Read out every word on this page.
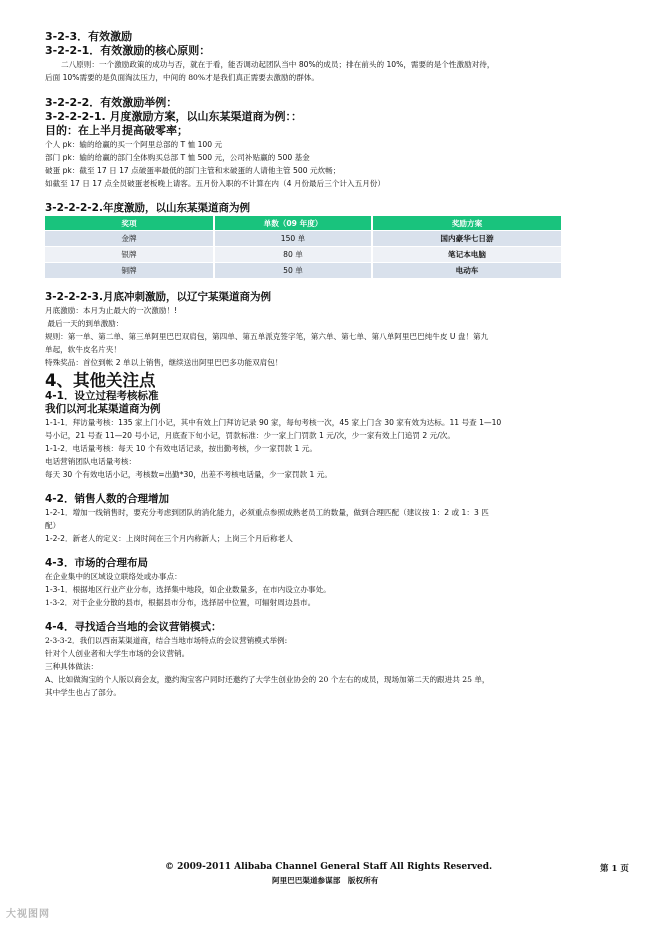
3-2-3．有效激励

3-2-2-1．有效激励的核心原则：

二八原则：一个激励政策的成功与否，就在于看，能否调动起团队当中 80%的成员；排在前头的 10%，需要的是个性激励对待，

后面 10%需要的是负面淘汰压力，中间的 80%才是我们真正需要去激励的群体。

3-2-2-2．有效激励举例：

3-2-2-2-1. 月度激励方案，以山东某渠道商为例：：

目的：在上半月提高破零率；

个人 pk：输的给赢的买一个阿里总部的 T 恤 100 元

部门 pk：输的给赢的部门全体购买总部 T 恤 500 元，公司补贴赢的 500 基金

破蛋 pk：截至 17 日 17 点破蛋率最低的部门主管和末破蛋的人请他主管 500 元炊畅；

如截至 17 日 17 点全员破蛋老板晚上请客。五月份入职的不计算在内（4 月份最后三个计入五月份）

3-2-2-2-2.年度激励，以山东某渠道商为例

奖项	单数（09 年度）	奖励方案
金牌	150 单	国内豪华七日游
银牌	80 单	笔记本电脑
铜牌	50 单	电动车

3-2-2-2-3.月底冲刺激励，以辽宁某渠道商为例

月底激励：本月为止最大的一次激励！!

最后一天的到单激励：

规则：第一单、第二单、第三单阿里巴巴双肩包，第四单、第五单派克签字笔，第六单、第七单、第八单阿里巴巴纯牛皮 U 盘！第九

单起，软牛皮名片夹！

特殊奖品：首位到帐 2 单以上销售，继续送出阿里巴巴多功能双肩包！

4、其他关注点

4-1．设立过程考核标准

我们以河北某渠道商为例

1-1-1．拜访量考核：135 家上门小记，其中有效上门拜访记录 90 家，每旬考核一次，45 家上门含 30 家有效为达标。11 号查 1—10

号小记，21 号查 11—20 号小记，月底查下旬小记，罚款标准：少一家上门罚款 1 元/次，少一家有效上门追罚 2 元/次。

1-1-2．电话量考核：每天 10 个有效电话记录，按出勤考核，少一家罚款 1 元。

电话营销团队电话量考核：

每天 30 个有效电话小记，考核数=出勤*30，出差不考核电话量，少一家罚款 1 元。

4-2．销售人数的合理增加

1-2-1．增加一线销售时，要充分考虑到团队的消化能力，必须重点参照成熟老员工的数量，做到合理匹配（建议按 1：2 或 1：3 匹

配）

1-2-2．新老人的定义：上岗时间在三个月内称新人；上岗三个月后称老人

4-3．市场的合理布局

在企业集中的区域设立联络处或办事点：

1-3-1．根据地区行业产业分布，选择集中地段，如企业数量多，在市内设立办事处。

1-3-2．对于企业分散的县市，根据县市分布，选择居中位置，可辐射周边县市。

4-4．寻找适合当地的会议营销模式：

2-3-3-2．我们以西南某渠道商，结合当地市场特点的会议营销模式举例:

针对个人创业者和大学生市场的会议营销。

三种具体做法：

A、比如做淘宝的个人版以商会友，邀约淘宝客户同时还邀约了大学生创业协会的 20 个左右的成员，现场加第二天的跟进共 25 单，

其中学生也占了部分。

© 2009-2011 Alibaba Channel General Staff All Rights Reserved.
阿里巴巴渠道参谋部　版权所有
第 1 页
大视图网
